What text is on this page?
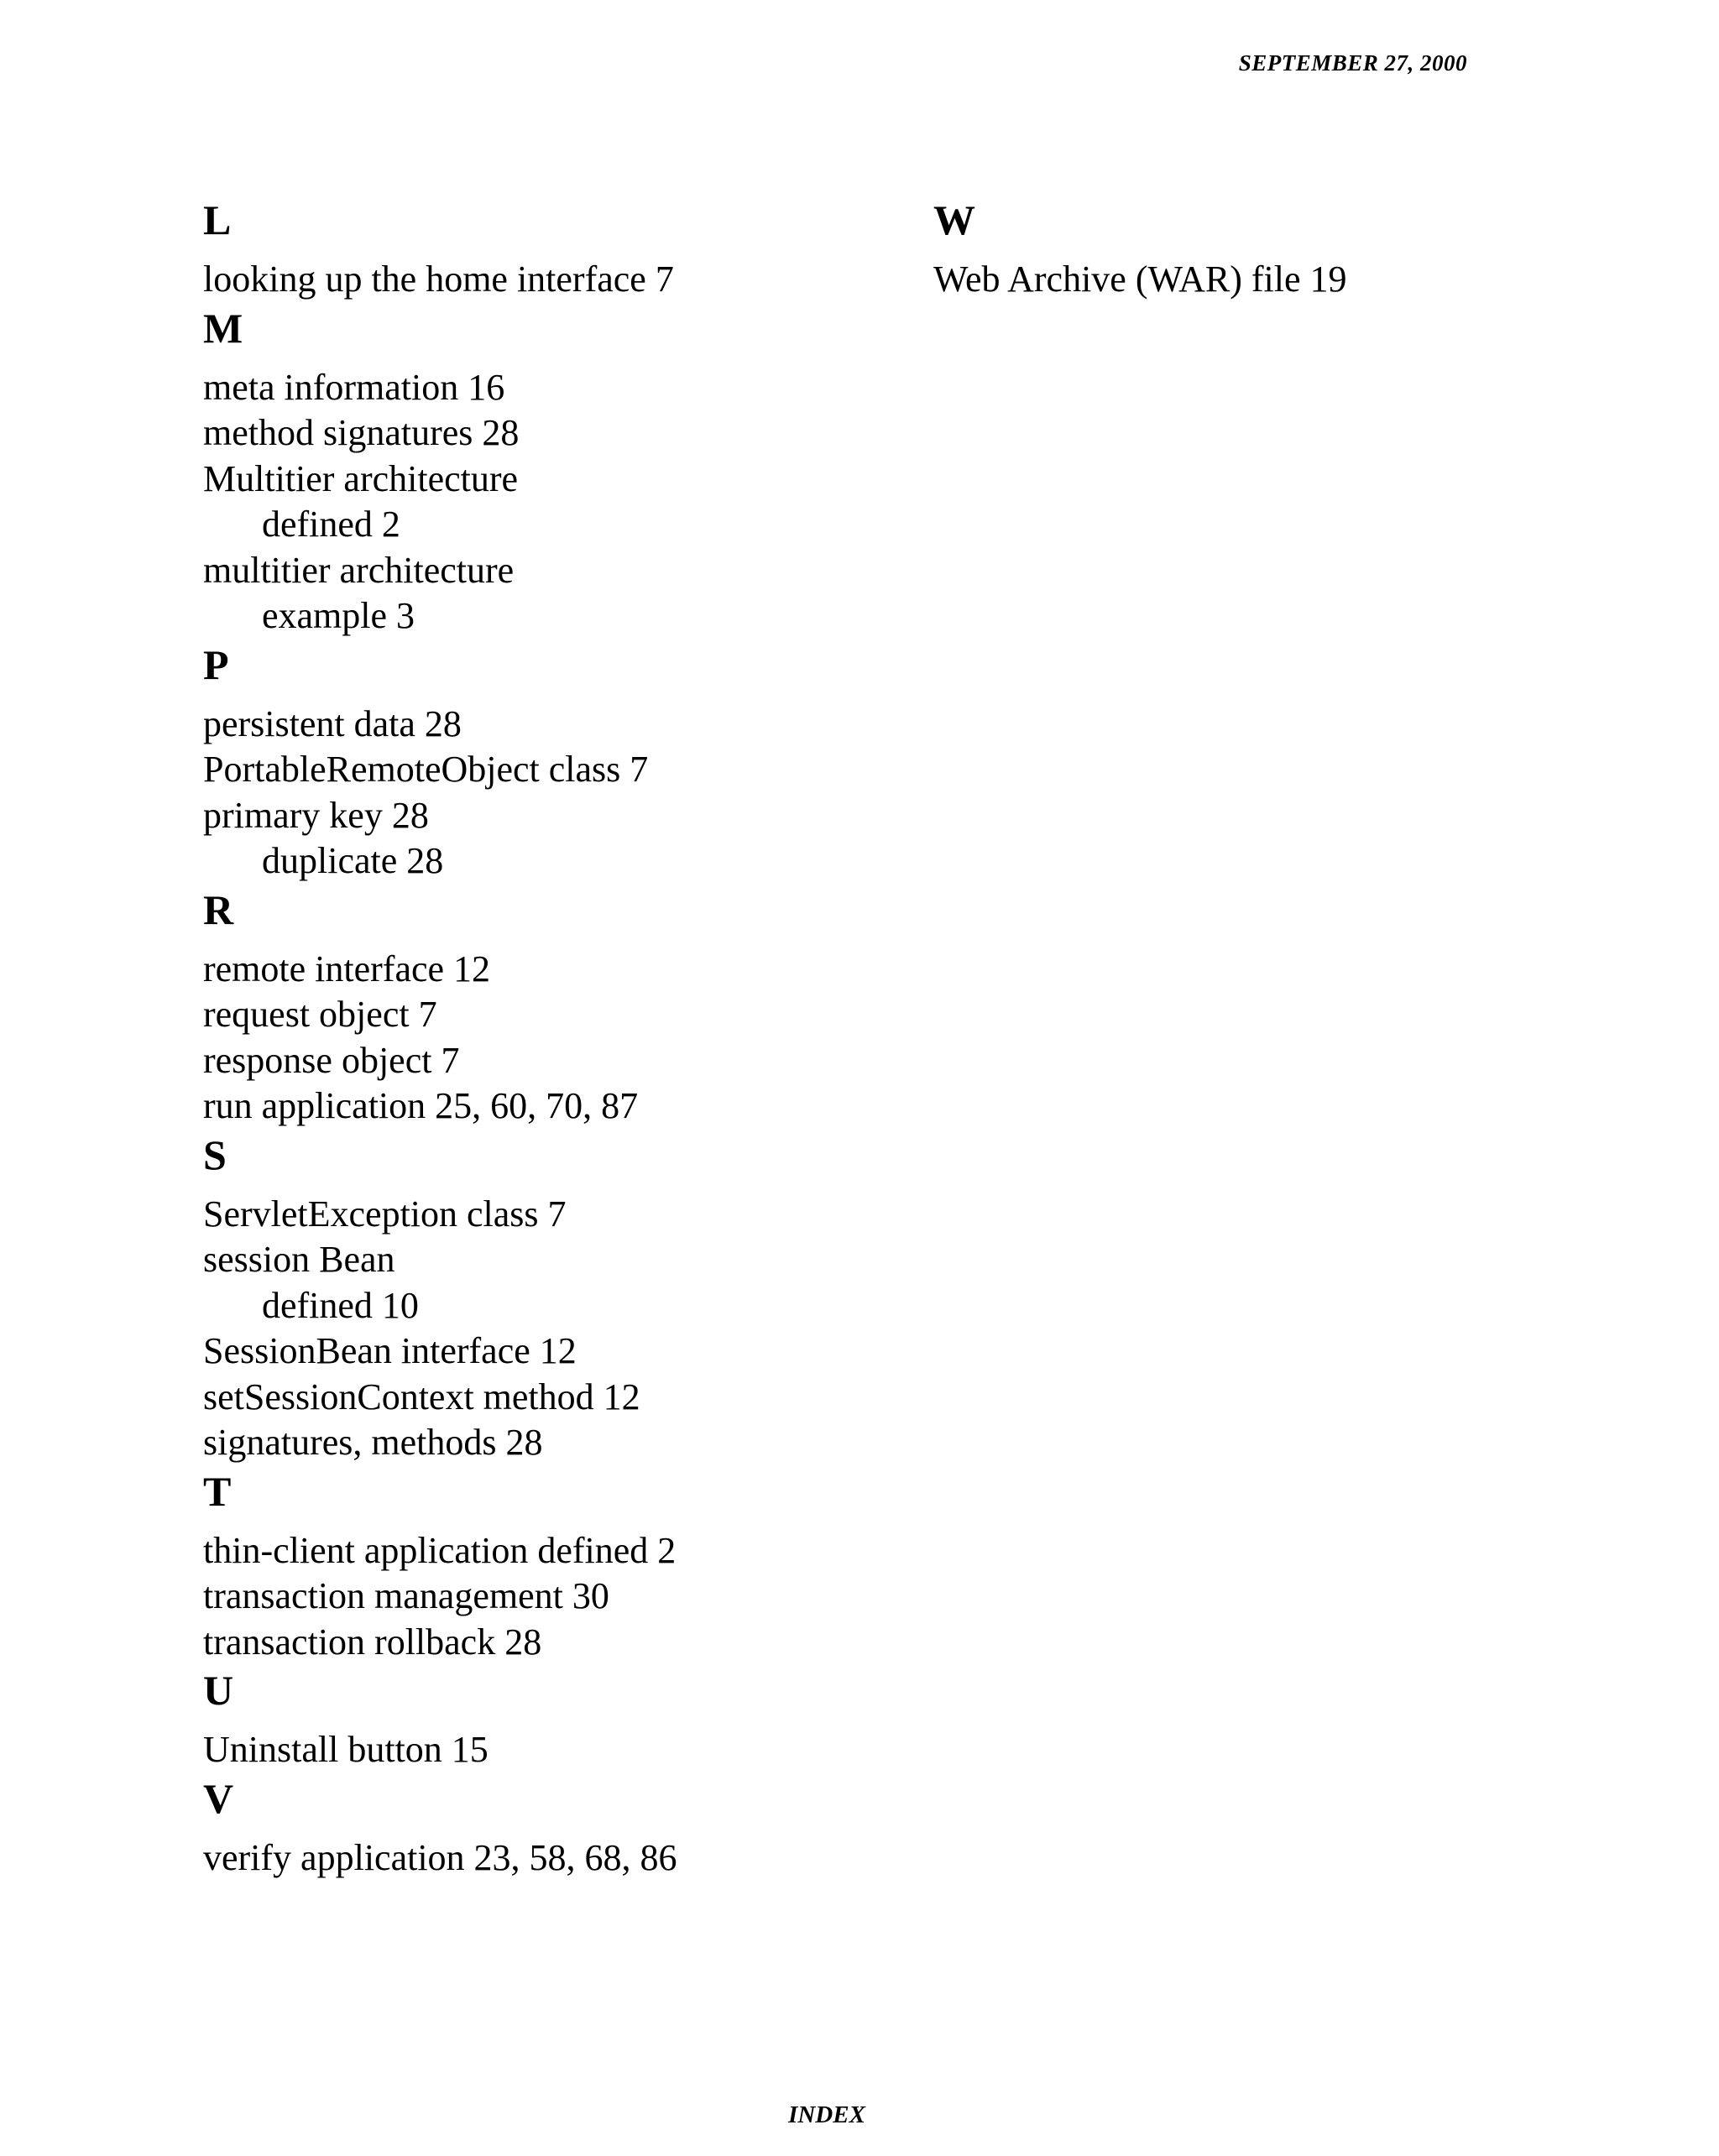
SEPTEMBER 27, 2000
L
looking up the home interface 7
M
meta information 16
method signatures 28
Multitier architecture
defined 2
multitier architecture
example 3
P
persistent data 28
PortableRemoteObject class 7
primary key 28
duplicate 28
R
remote interface 12
request object 7
response object 7
run application 25, 60, 70, 87
S
ServletException class 7
session Bean
defined 10
SessionBean interface 12
setSessionContext method 12
signatures, methods 28
T
thin-client application defined 2
transaction management 30
transaction rollback 28
U
Uninstall button 15
V
verify application 23, 58, 68, 86
W
Web Archive (WAR) file 19
INDEX
